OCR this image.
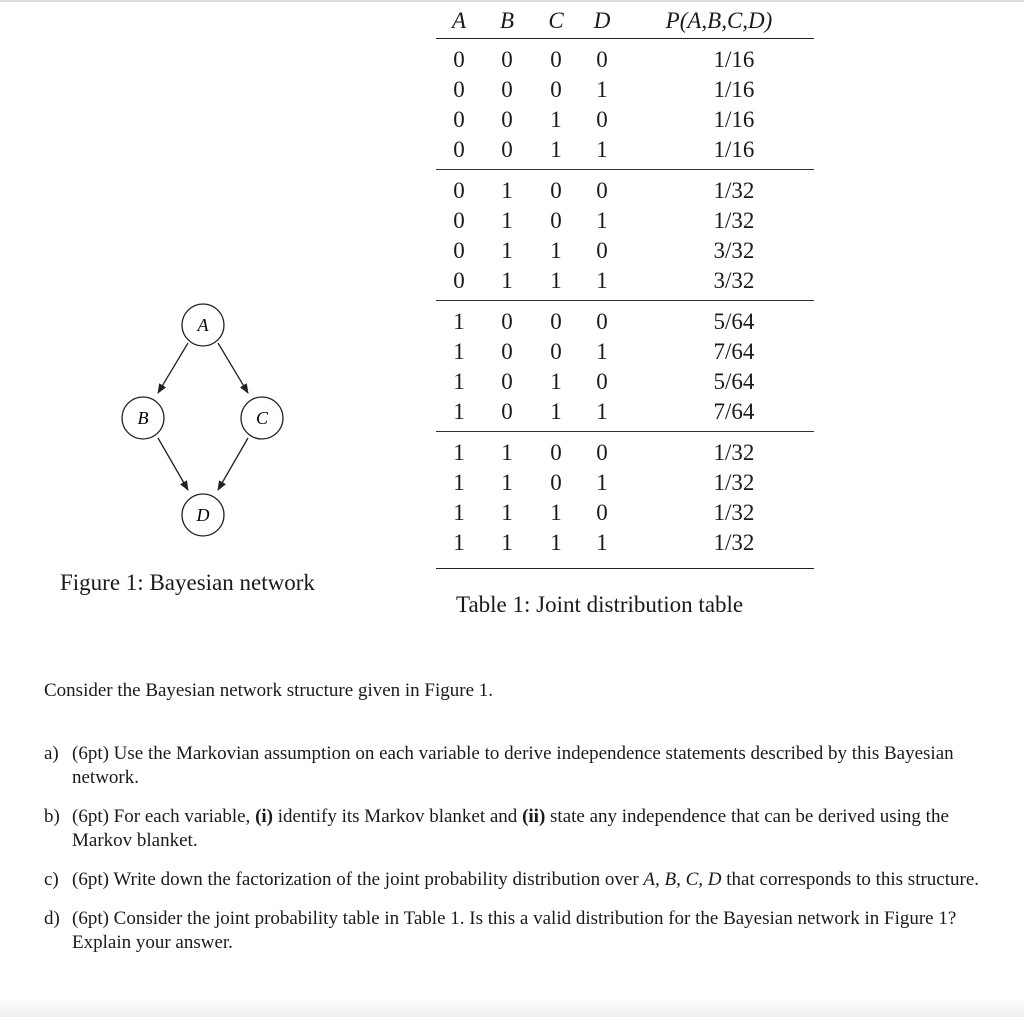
A
B	C
D
Figure 1: Bayesian network
A	B	C	D	P(A,B,C,D)
0	0	0	0	1/16
0	0	0	1	1/16
0	0	1	0	1/16
0	0	1	1	1/16
0	1	0	0	1/32
0	1	0	1	1/32
0	1	1	0	3/32
0	1	1	1	3/32
1	0	0	0	5/64
1	0	0	1	7/64
1	0	1	0	5/64
1	0	1	1	7/64
1	1	0	0	1/32
1	1	0	1	1/32
1	1	1	0	1/32
1	1	1	1	1/32
Table 1: Joint distribution table
Consider the Bayesian network structure given in Figure 1.
a) (6pt) Use the Markovian assumption on each variable to derive independence statements described by this Bayesian network.
b) (6pt) For each variable, (i) identify its Markov blanket and (ii) state any independence that can be derived using the Markov blanket.
c) (6pt) Write down the factorization of the joint probability distribution over A, B, C, D that corresponds to this structure.
d) (6pt) Consider the joint probability table in Table 1. Is this a valid distribution for the Bayesian network in Figure 1? Explain your answer.
